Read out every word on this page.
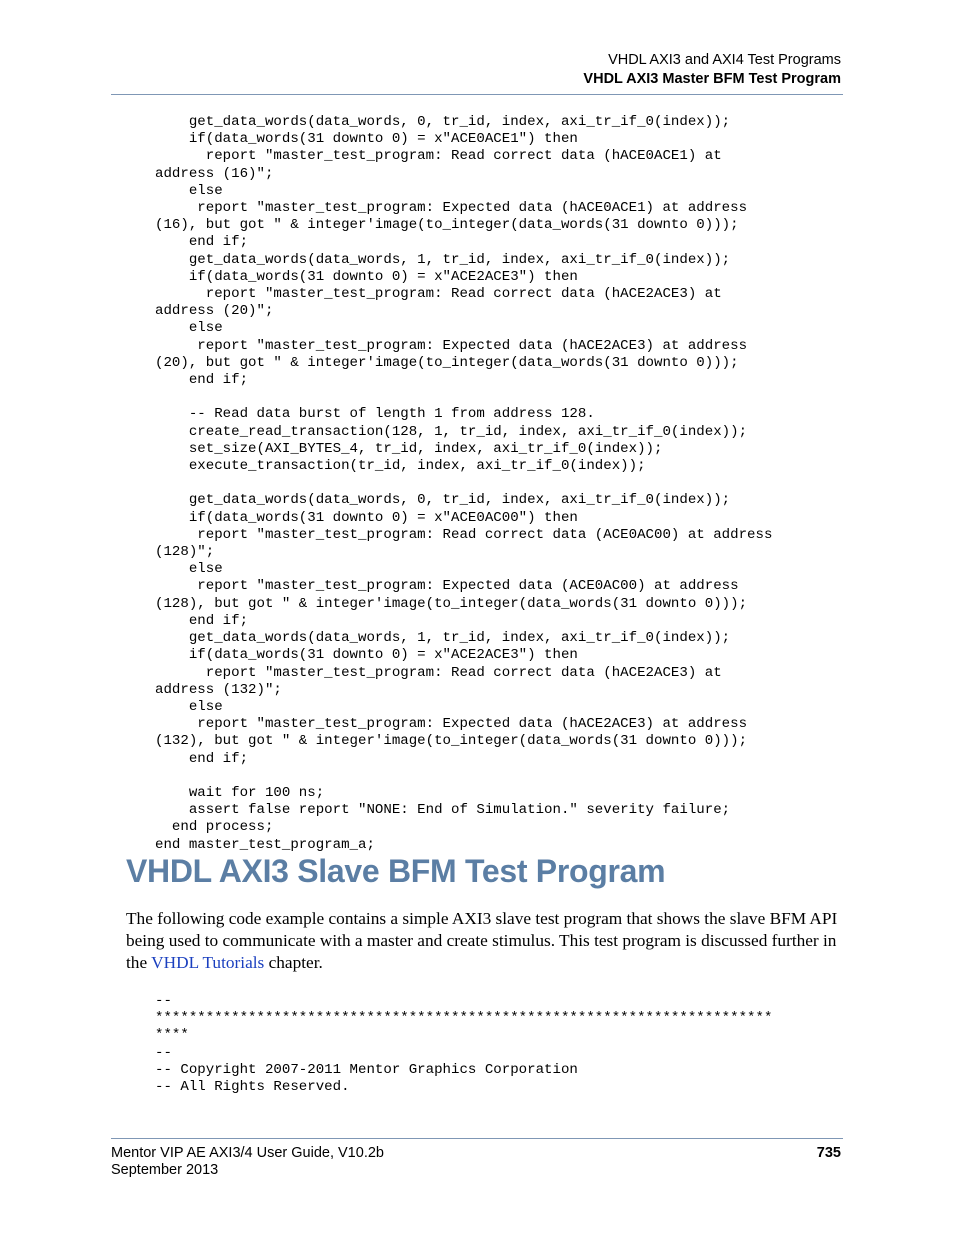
VHDL AXI3 and AXI4 Test Programs
VHDL AXI3 Master BFM Test Program
get_data_words(data_words, 0, tr_id, index, axi_tr_if_0(index));
if(data_words(31 downto 0) = x"ACE0ACE1") then
report "master_test_program: Read correct data (hACE0ACE1) at
address (16)";
else
report "master_test_program: Expected data (hACE0ACE1) at address
(16), but got " & integer'image(to_integer(data_words(31 downto 0)));
end if;
get_data_words(data_words, 1, tr_id, index, axi_tr_if_0(index));
if(data_words(31 downto 0) = x"ACE2ACE3") then
report "master_test_program: Read correct data (hACE2ACE3) at
address (20)";
else
report "master_test_program: Expected data (hACE2ACE3) at address
(20), but got " & integer'image(to_integer(data_words(31 downto 0)));
end if;

-- Read data burst of length 1 from address 128.
create_read_transaction(128, 1, tr_id, index, axi_tr_if_0(index));
set_size(AXI_BYTES_4, tr_id, index, axi_tr_if_0(index));
execute_transaction(tr_id, index, axi_tr_if_0(index));

get_data_words(data_words, 0, tr_id, index, axi_tr_if_0(index));
if(data_words(31 downto 0) = x"ACE0AC00") then
report "master_test_program: Read correct data (ACE0AC00) at address
(128)";
else
report "master_test_program: Expected data (ACE0AC00) at address
(128), but got " & integer'image(to_integer(data_words(31 downto 0)));
end if;
get_data_words(data_words, 1, tr_id, index, axi_tr_if_0(index));
if(data_words(31 downto 0) = x"ACE2ACE3") then
report "master_test_program: Read correct data (hACE2ACE3) at
address (132)";
else
report "master_test_program: Expected data (hACE2ACE3) at address
(132), but got " & integer'image(to_integer(data_words(31 downto 0)));
end if;

wait for 100 ns;
assert false report "NONE: End of Simulation." severity failure;
end process;
end master_test_program_a;
VHDL AXI3 Slave BFM Test Program

The following code example contains a simple AXI3 slave test program that shows the slave BFM API being used to communicate with a master and create stimulus. This test program is discussed further in the VHDL Tutorials chapter.

--
*************************************************************************
****
--
-- Copyright 2007-2011 Mentor Graphics Corporation
-- All Rights Reserved.
Mentor VIP AE AXI3/4 User Guide, V10.2b
September 2013
735
